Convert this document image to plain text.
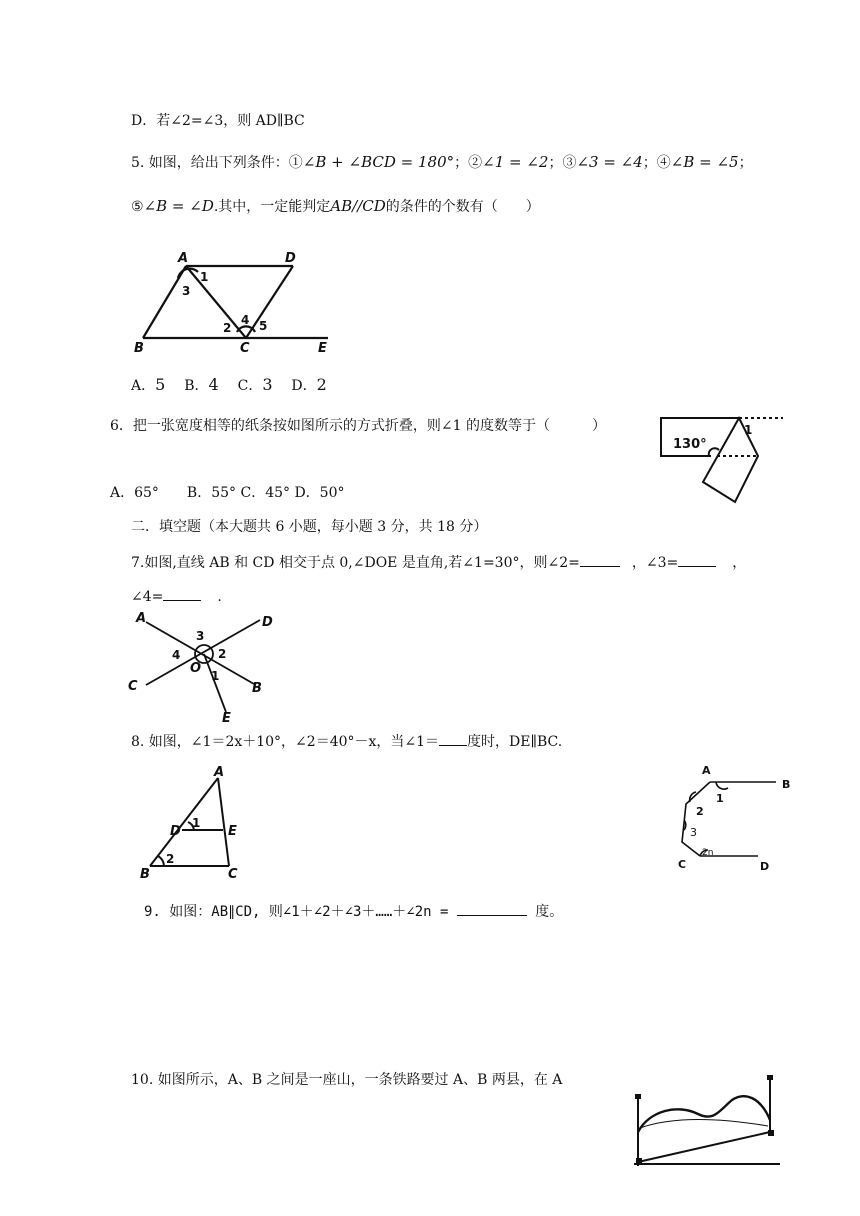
D．若∠2=∠3，则 AD∥BC
5. 如图，给出下列条件：①∠B + ∠BCD = 180°；②∠1 = ∠2；③∠3 = ∠4；④∠B = ∠5；
⑤∠B = ∠D.其中，一定能判定AB//CD的条件的个数有（　　）
A	D
B	C	E
1
3
2
4 5
A．5 B．4 C．3 D．2
6．把一张宽度相等的纸条按如图所示的方式折叠，则∠1 的度数等于（　　　）
A．65°　　B．55° C．45° D．50°
130°
1
二．填空题（本大题共 6 小题，每小题 3 分，共 18 分）
7.如图,直线 AB 和 CD 相交于点 0,∠DOE 是直角,若∠1=30°，则∠2=	，∠3=	，
∠4=	.
A	D
C	B
E
O 1
2
3
4
8. 如图，∠1＝2x＋10°，∠2＝40°－x，当∠1＝ 度时，DE∥BC.
A
D	E
B	C
1
2
A
B
C	D
1
2
3
2n
9. 如图：AB∥CD, 则∠1＋∠2＋∠3＋……＋∠2n =	度。
10. 如图所示，A、B 之间是一座山，一条铁路要过 A、B 两县，在 A
